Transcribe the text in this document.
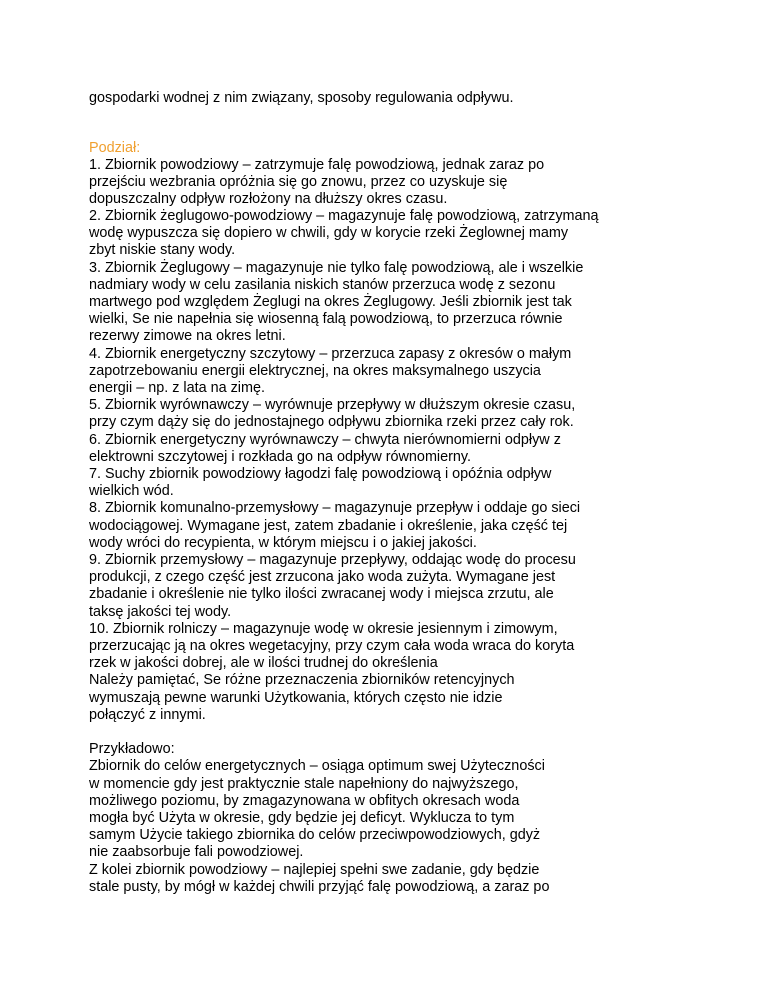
gospodarki wodnej z nim związany, sposoby regulowania odpływu.

Podział:

1. Zbiornik powodziowy – zatrzymuje falę powodziową, jednak zaraz po

przejściu wezbrania opróżnia się go znowu, przez co uzyskuje się

dopuszczalny odpływ rozłożony na dłuższy okres czasu.

2. Zbiornik żeglugowo-powodziowy – magazynuje falę powodziową, zatrzymaną

wodę wypuszcza się dopiero w chwili, gdy w korycie rzeki Żeglownej mamy

zbyt niskie stany wody.

3. Zbiornik Żeglugowy – magazynuje nie tylko falę powodziową, ale i wszelkie

nadmiary wody w celu zasilania niskich stanów przerzuca wodę z sezonu

martwego pod względem Żeglugi na okres Żeglugowy. Jeśli zbiornik jest tak

wielki, Se nie napełnia się wiosenną falą powodziową, to przerzuca równie

rezerwy zimowe na okres letni.

4. Zbiornik energetyczny szczytowy – przerzuca zapasy z okresów o małym

zapotrzebowaniu energii elektrycznej, na okres maksymalnego uszycia

energii – np. z lata na zimę.

5. Zbiornik wyrównawczy – wyrównuje przepływy w dłuższym okresie czasu,

przy czym dąży się do jednostajnego odpływu zbiornika rzeki przez cały rok.

6. Zbiornik energetyczny wyrównawczy – chwyta nierównomierni odpływ z

elektrowni szczytowej i rozkłada go na odpływ równomierny.

7. Suchy zbiornik powodziowy łagodzi falę powodziową i opóźnia odpływ

wielkich wód.

8. Zbiornik komunalno-przemysłowy – magazynuje przepływ i oddaje go sieci

wodociągowej. Wymagane jest, zatem zbadanie i określenie, jaka część tej

wody wróci do recypienta, w którym miejscu i o jakiej jakości.

9. Zbiornik przemysłowy – magazynuje przepływy, oddając wodę do procesu

produkcji, z czego część jest zrzucona jako woda zużyta. Wymagane jest

zbadanie i określenie nie tylko ilości zwracanej wody i miejsca zrzutu, ale

taksę jakości tej wody.

10. Zbiornik rolniczy – magazynuje wodę w okresie jesiennym i zimowym,

przerzucając ją na okres wegetacyjny, przy czym cała woda wraca do koryta

rzek w jakości dobrej, ale w ilości trudnej do określenia

Należy pamiętać, Se różne przeznaczenia zbiorników retencyjnych

wymuszają pewne warunki Użytkowania, których często nie idzie

połączyć z innymi.

Przykładowo:

Zbiornik do celów energetycznych – osiąga optimum swej Użyteczności

w momencie gdy jest praktycznie stale napełniony do najwyższego,

możliwego poziomu, by zmagazynowana w obfitych okresach woda

mogła być Użyta w okresie, gdy będzie jej deficyt. Wyklucza to tym

samym Użycie takiego zbiornika do celów przeciwpowodziowych, gdyż

nie zaabsorbuje fali powodziowej.

Z kolei zbiornik powodziowy – najlepiej spełni swe zadanie, gdy będzie

stale pusty, by mógł w każdej chwili przyjąć falę powodziową, a zaraz po
